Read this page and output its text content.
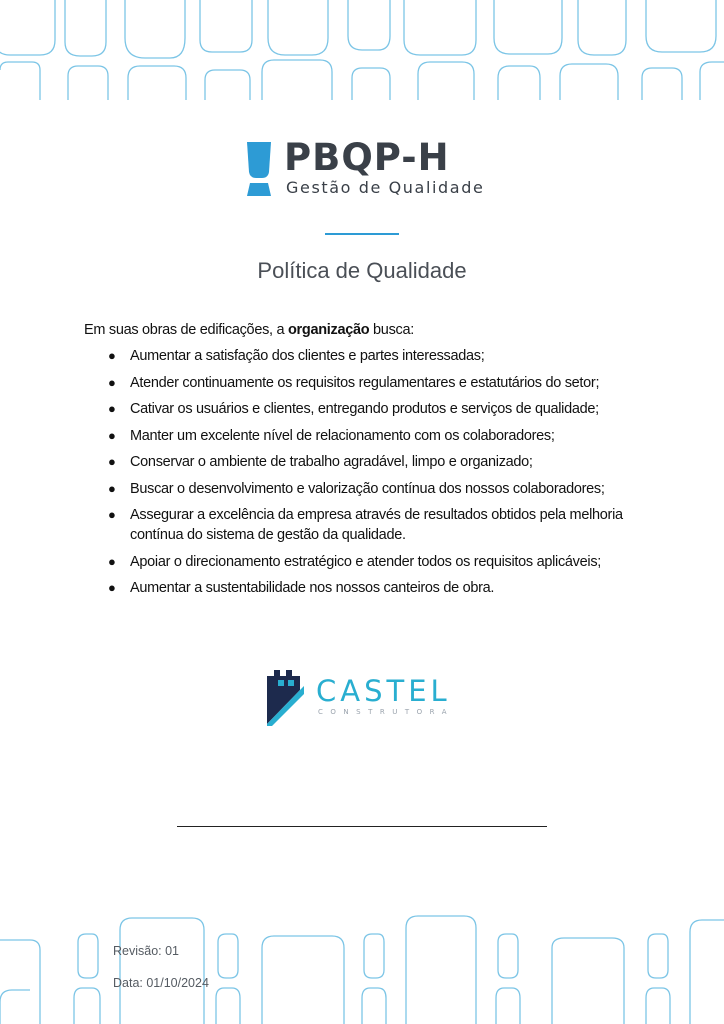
PBQP-H
Gestão de Qualidade
Política de Qualidade
Em suas obras de edificações, a organização busca:
● Aumentar a satisfação dos clientes e partes interessadas;
● Atender continuamente os requisitos regulamentares e estatutários do setor;
● Cativar os usuários e clientes, entregando produtos e serviços de qualidade;
● Manter um excelente nível de relacionamento com os colaboradores;
● Conservar o ambiente de trabalho agradável, limpo e organizado;
● Buscar o desenvolvimento e valorização contínua dos nossos colaboradores;
● Assegurar a excelência da empresa através de resultados obtidos pela melhoria contínua do sistema de gestão da qualidade.
● Apoiar o direcionamento estratégico e atender todos os requisitos aplicáveis;
● Aumentar a sustentabilidade nos nossos canteiros de obra.
CASTEL
CONSTRUTORA
Revisão: 01
Data: 01/10/2024
